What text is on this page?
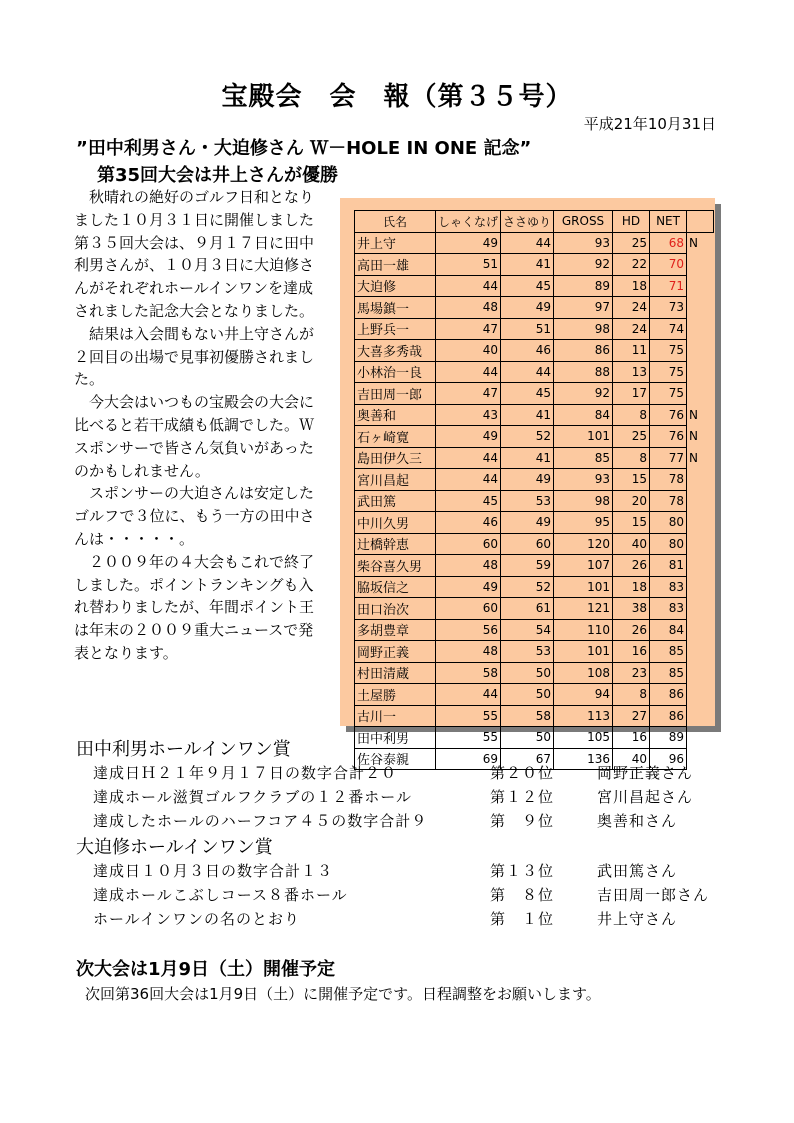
宝殿会　会　報（第３５号）
平成21年10月31日
”田中利男さん・大迫修さん Ｗ－HOLE IN ONE 記念”
第35回大会は井上さんが優勝

秋晴れの絶好のゴルフ日和となりました１０月３１日に開催しました第３５回大会は、９月１７日に田中利男さんが、１０月３日に大迫修さんがそれぞれホールインワンを達成されました記念大会となりました。

結果は入会間もない井上守さんが２回目の出場で見事初優勝されました。

今大会はいつもの宝殿会の大会に比べると若干成績も低調でした。Ｗスポンサーで皆さん気負いがあったのかもしれません。

スポンサーの大迫さんは安定したゴルフで３位に、もう一方の田中さんは・・・・・。

２００９年の４大会もこれで終了しました。ポイントランキングも入れ替わりましたが、年間ポイント王は年末の２００９重大ニュースで発表となります。

氏名	しゃくなげ	ささゆり	GROSS	HD	NET	
井上守	49	44	93	25	68	N
高田一雄	51	41	92	22	70	
大迫修	44	45	89	18	71	
馬場鎮一	48	49	97	24	73	
上野兵一	47	51	98	24	74	
大喜多秀哉	40	46	86	11	75	
小林治一良	44	44	88	13	75	
吉田周一郎	47	45	92	17	75	
奥善和	43	41	84	8	76	N
石ヶ崎寛	49	52	101	25	76	N
島田伊久三	44	41	85	8	77	N
宮川昌起	44	49	93	15	78	
武田篤	45	53	98	20	78	
中川久男	46	49	95	15	80	
辻橋幹恵	60	60	120	40	80	
柴谷喜久男	48	59	107	26	81	
脇坂信之	49	52	101	18	83	
田口治次	60	61	121	38	83	
多胡豊章	56	54	110	26	84	
岡野正義	48	53	101	16	85	
村田清蔵	58	50	108	23	85	
土屋勝	44	50	94	8	86	
古川一	55	58	113	27	86	
田中利男	55	50	105	16	89	
佐谷泰親	69	67	136	40	96	
田中利男ホールインワン賞
達成日Ｈ２１年９月１７日の数字合計２０	第２０位	岡野正義さん
達成ホール滋賀ゴルフクラブの１２番ホール	第１２位	宮川昌起さん
達成したホールのハーフコア４５の数字合計９	第　９位	奥善和さん
大迫修ホールインワン賞
達成日１０月３日の数字合計１３	第１３位	武田篤さん
達成ホールこぶしコース８番ホール	第　８位	吉田周一郎さん
ホールインワンの名のとおり	第　１位	井上守さん
次大会は1月9日（土）開催予定
次回第36回大会は1月9日（土）に開催予定です。日程調整をお願いします。
